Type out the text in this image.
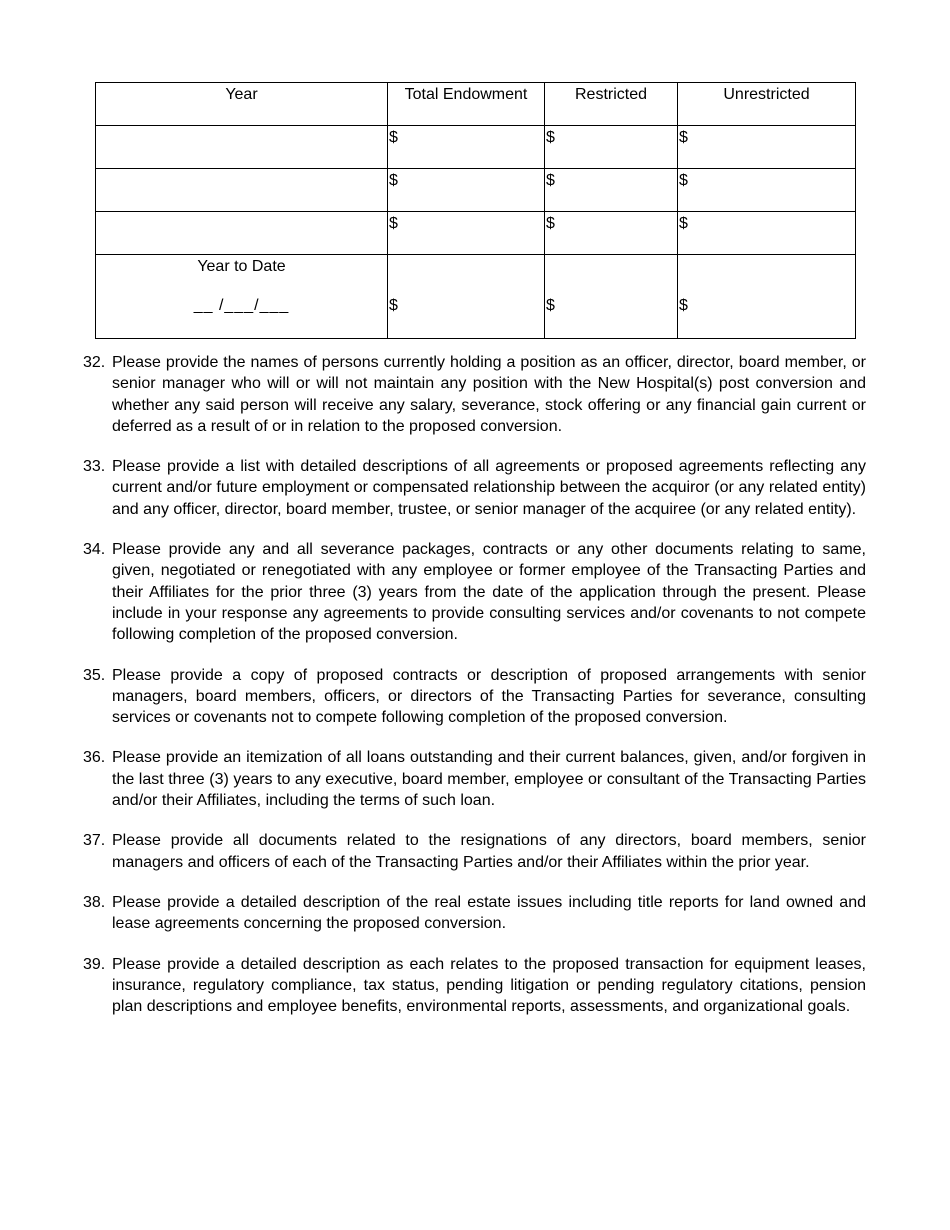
Year	Total Endowment	Restricted	Unrestricted
	$	$	$
	$	$	$
	$	$	$

Year to Date
__ /___/___	$	$	$
32. Please provide the names of persons currently holding a position as an officer, director, board member, or senior manager who will or will not maintain any position with the New Hospital(s) post conversion and whether any said person will receive any salary, severance, stock offering or any financial gain current or deferred as a result of or in relation to the proposed conversion.
33. Please provide a list with detailed descriptions of all agreements or proposed agreements reflecting any current and/or future employment or compensated relationship between the acquiror (or any related entity) and any officer, director, board member, trustee, or senior manager of the acquiree (or any related entity).
34. Please provide any and all severance packages, contracts or any other documents relating to same, given, negotiated or renegotiated with any employee or former employee of the Transacting Parties and their Affiliates for the prior three (3) years from the date of the application through the present. Please include in your response any agreements to provide consulting services and/or covenants to not compete following completion of the proposed conversion.
35. Please provide a copy of proposed contracts or description of proposed arrangements with senior managers, board members, officers, or directors of the Transacting Parties for severance, consulting services or covenants not to compete following completion of the proposed conversion.
36. Please provide an itemization of all loans outstanding and their current balances, given, and/or forgiven in the last three (3) years to any executive, board member, employee or consultant of the Transacting Parties and/or their Affiliates, including the terms of such loan.
37. Please provide all documents related to the resignations of any directors, board members, senior managers and officers of each of the Transacting Parties and/or their Affiliates within the prior year.
38. Please provide a detailed description of the real estate issues including title reports for land owned and lease agreements concerning the proposed conversion.
39. Please provide a detailed description as each relates to the proposed transaction for equipment leases, insurance, regulatory compliance, tax status, pending litigation or pending regulatory citations, pension plan descriptions and employee benefits, environmental reports, assessments, and organizational goals.
